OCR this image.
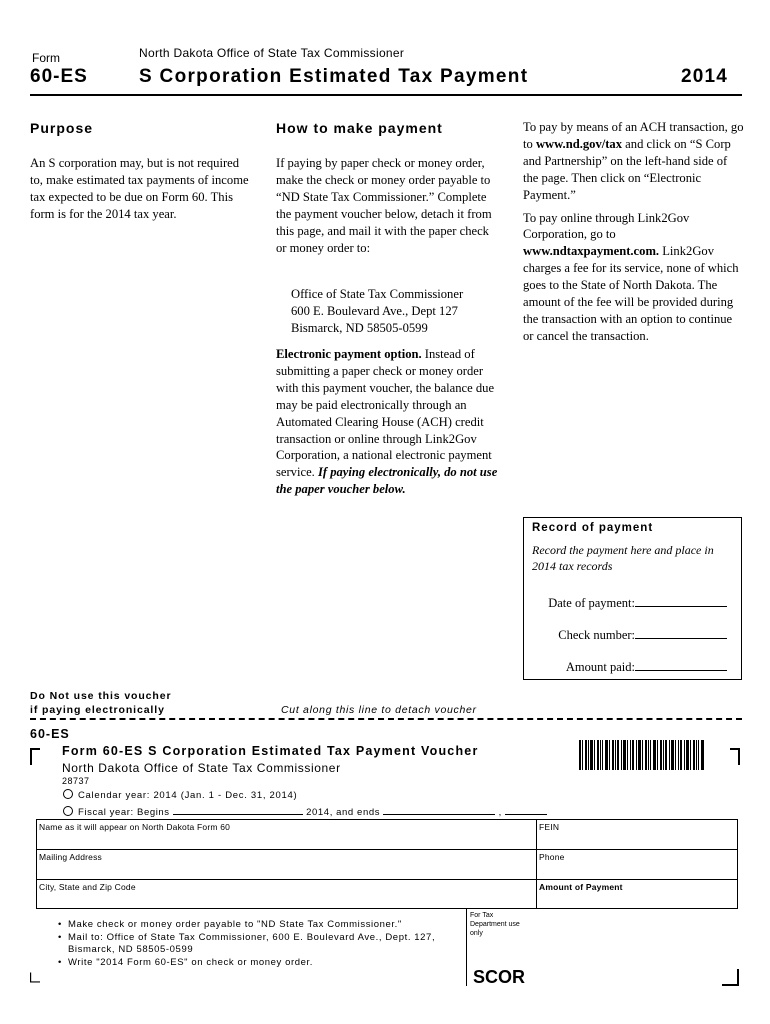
Form	North Dakota Office of State Tax Commissioner
60-ES	S Corporation Estimated Tax Payment	2014
Purpose
An S corporation may, but is not required to, make estimated tax payments of income tax expected to be due on Form 60. This form is for the 2014 tax year.
How to make payment
If paying by paper check or money order, make the check or money order payable to “ND State Tax Commissioner.” Complete the payment voucher below, detach it from this page, and mail it with the paper check or money order to:
Office of State Tax Commissioner
600 E. Boulevard Ave., Dept 127
Bismarck, ND 58505-0599
Electronic payment option. Instead of submitting a paper check or money order with this payment voucher, the balance due may be paid electronically through an Automated Clearing House (ACH) credit transaction or online through Link2Gov Corporation, a national electronic payment service. If paying electronically, do not use the paper voucher below.
To pay by means of an ACH transaction, go to www.nd.gov/tax and click on “S Corp and Partnership” on the left-hand side of the page. Then click on “Electronic Payment.”
To pay online through Link2Gov Corporation, go to www.ndtaxpayment.com. Link2Gov charges a fee for its service, none of which goes to the State of North Dakota. The amount of the fee will be provided during the transaction with an option to continue or cancel the transaction.
Record of payment
Record the payment here and place in 2014 tax records
Date of payment:
Check number:
Amount paid:
Do Not use this voucher
if paying electronically	Cut along this line to detach voucher
60-ES
Form 60-ES S Corporation Estimated Tax Payment Voucher
North Dakota Office of State Tax Commissioner
28737
Calendar year: 2014 (Jan. 1 - Dec. 31, 2014)
Fiscal year: Begins	2014, and ends	,
Name as it will appear on North Dakota Form 60	FEIN
Mailing Address	Phone
City, State and Zip Code	Amount of Payment
For Tax Department use only
SCOR
• Make check or money order payable to "ND State Tax Commissioner."
• Mail to: Office of State Tax Commissioner, 600 E. Boulevard Ave., Dept. 127, Bismarck, ND 58505-0599
• Write "2014 Form 60-ES" on check or money order.
